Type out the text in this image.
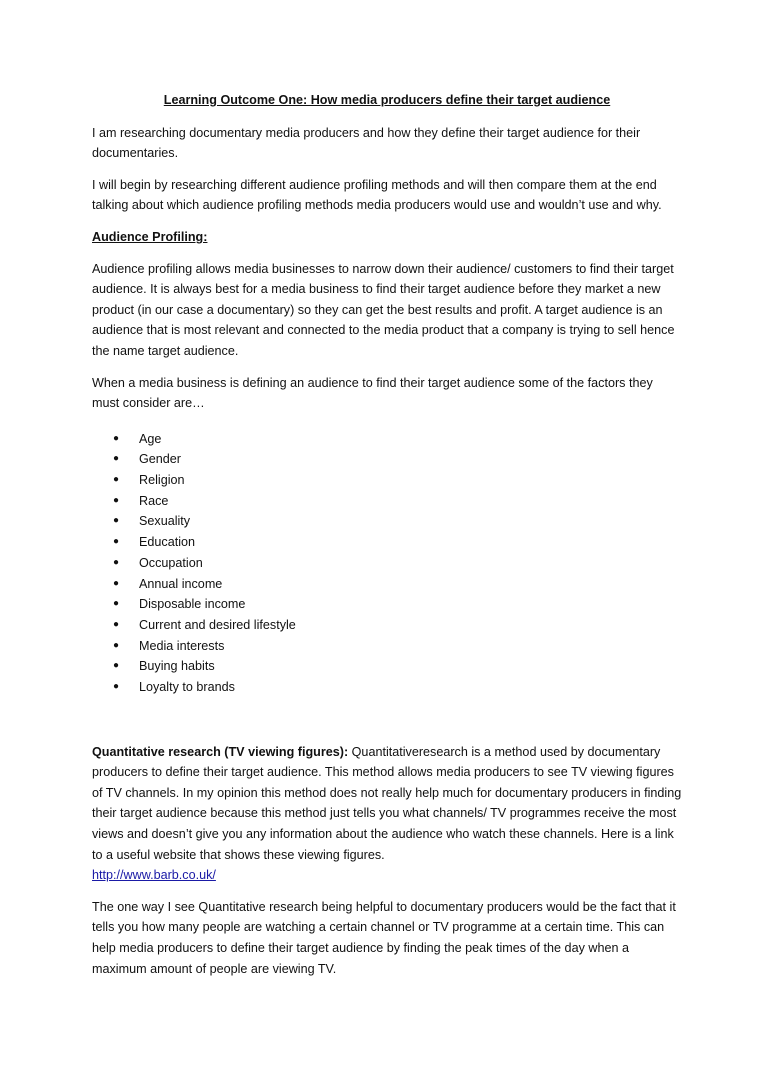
Learning Outcome One: How media producers define their target audience

I am researching documentary media producers and how they define their target audience for their documentaries.

I will begin by researching different audience profiling methods and will then compare them at the end talking about which audience profiling methods media producers would use and wouldn’t use and why.

Audience Profiling:

Audience profiling allows media businesses to narrow down their audience/ customers to find their target audience. It is always best for a media business to find their target audience before they market a new product (in our case a documentary) so they can get the best results and profit. A target audience is an audience that is most relevant and connected to the media product that a company is trying to sell hence the name target audience.

When a media business is defining an audience to find their target audience some of the factors they must consider are…

● Age
● Gender
● Religion
● Race
● Sexuality
● Education
● Occupation
● Annual income
● Disposable income
● Current and desired lifestyle
● Media interests
● Buying habits
● Loyalty to brands

Quantitative research (TV viewing figures): Quantitativeresearch is a method used by documentary producers to define their target audience. This method allows media producers to see TV viewing figures of TV channels. In my opinion this method does not really help much for documentary producers in finding their target audience because this method just tells you what channels/ TV programmes receive the most views and doesn’t give you any information about the audience who watch these channels. Here is a link to a useful website that shows these viewing figures.
http://www.barb.co.uk/

The one way I see Quantitative research being helpful to documentary producers would be the fact that it tells you how many people are watching a certain channel or TV programme at a certain time. This can help media producers to define their target audience by finding the peak times of the day when a maximum amount of people are viewing TV.
